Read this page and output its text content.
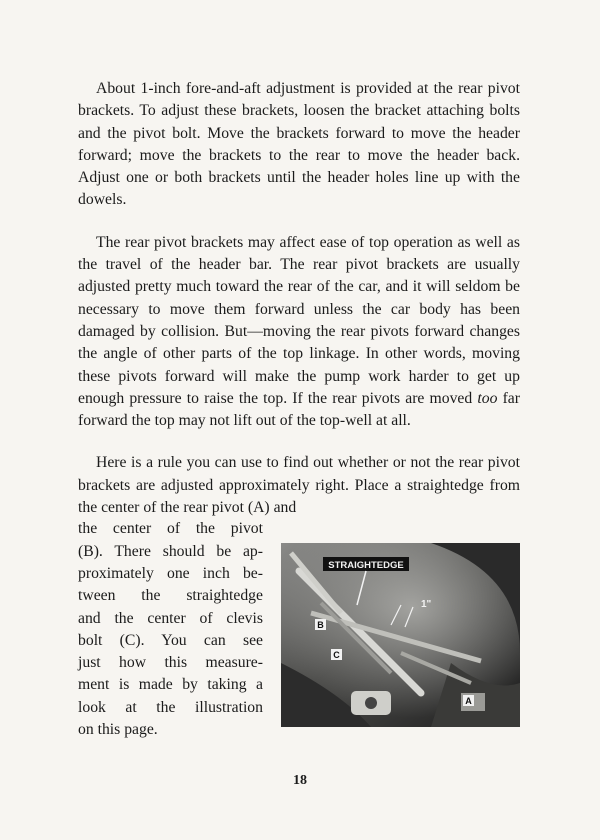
About 1-inch fore-and-aft adjustment is provided at the rear pivot brackets. To adjust these brackets, loosen the bracket attaching bolts and the pivot bolt. Move the brackets forward to move the header forward; move the brackets to the rear to move the header back. Adjust one or both brackets until the header holes line up with the dowels.

The rear pivot brackets may affect ease of top operation as well as the travel of the header bar. The rear pivot brackets are usually adjusted pretty much toward the rear of the car, and it will seldom be necessary to move them forward unless the car body has been damaged by collision. But—moving the rear pivots forward changes the angle of other parts of the top linkage. In other words, moving these pivots forward will make the pump work harder to get up enough pressure to raise the top. If the rear pivots are moved too far forward the top may not lift out of the top-well at all.

Here is a rule you can use to find out whether or not the rear pivot brackets are adjusted approximately right. Place a straightedge from the center of the rear pivot (A) and

the center of the pivot
(B). There should be ap-
proximately one inch be-
tween the straightedge
and the center of clevis
bolt (C). You can see
just how this measure-
ment is made by taking a
look at the illustration
on this page.
STRAIGHTEDGE
1"
B
C
A
18
